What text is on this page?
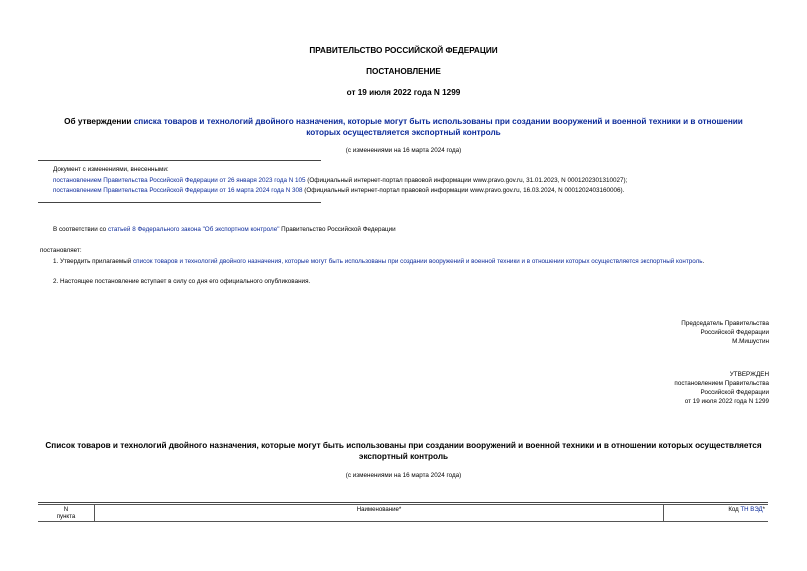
ПРАВИТЕЛЬСТВО РОССИЙСКОЙ ФЕДЕРАЦИИ
ПОСТАНОВЛЕНИЕ
от 19 июля 2022 года N 1299
Об утверждении списка товаров и технологий двойного назначения, которые могут быть использованы при создании вооружений и военной техники и в отношении которых осуществляется экспортный контроль
(с изменениями на 16 марта 2024 года)
Документ с изменениями, внесенными:
постановлением Правительства Российской Федерации от 26 января 2023 года N 105 (Официальный интернет-портал правовой информации www.pravo.gov.ru, 31.01.2023, N 0001202301310027);
постановлением Правительства Российской Федерации от 16 марта 2024 года N 308 (Официальный интернет-портал правовой информации www.pravo.gov.ru, 16.03.2024, N 0001202403160006).
В соответствии со статьей 8 Федерального закона "Об экспортном контроле" Правительство Российской Федерации
постановляет:
1. Утвердить прилагаемый список товаров и технологий двойного назначения, которые могут быть использованы при создании вооружений и военной техники и в отношении которых осуществляется экспортный контроль.
2. Настоящее постановление вступает в силу со дня его официального опубликования.
Председатель Правительства
Российской Федерации
М.Мишустин
УТВЕРЖДЕН
постановлением Правительства
Российской Федерации
от 19 июля 2022 года N 1299
Список товаров и технологий двойного назначения, которые могут быть использованы при создании вооружений и военной техники и в отношении которых осуществляется экспортный контроль
(с изменениями на 16 марта 2024 года)
N
пункта
	Наименование*	Код ТН ВЭД*
